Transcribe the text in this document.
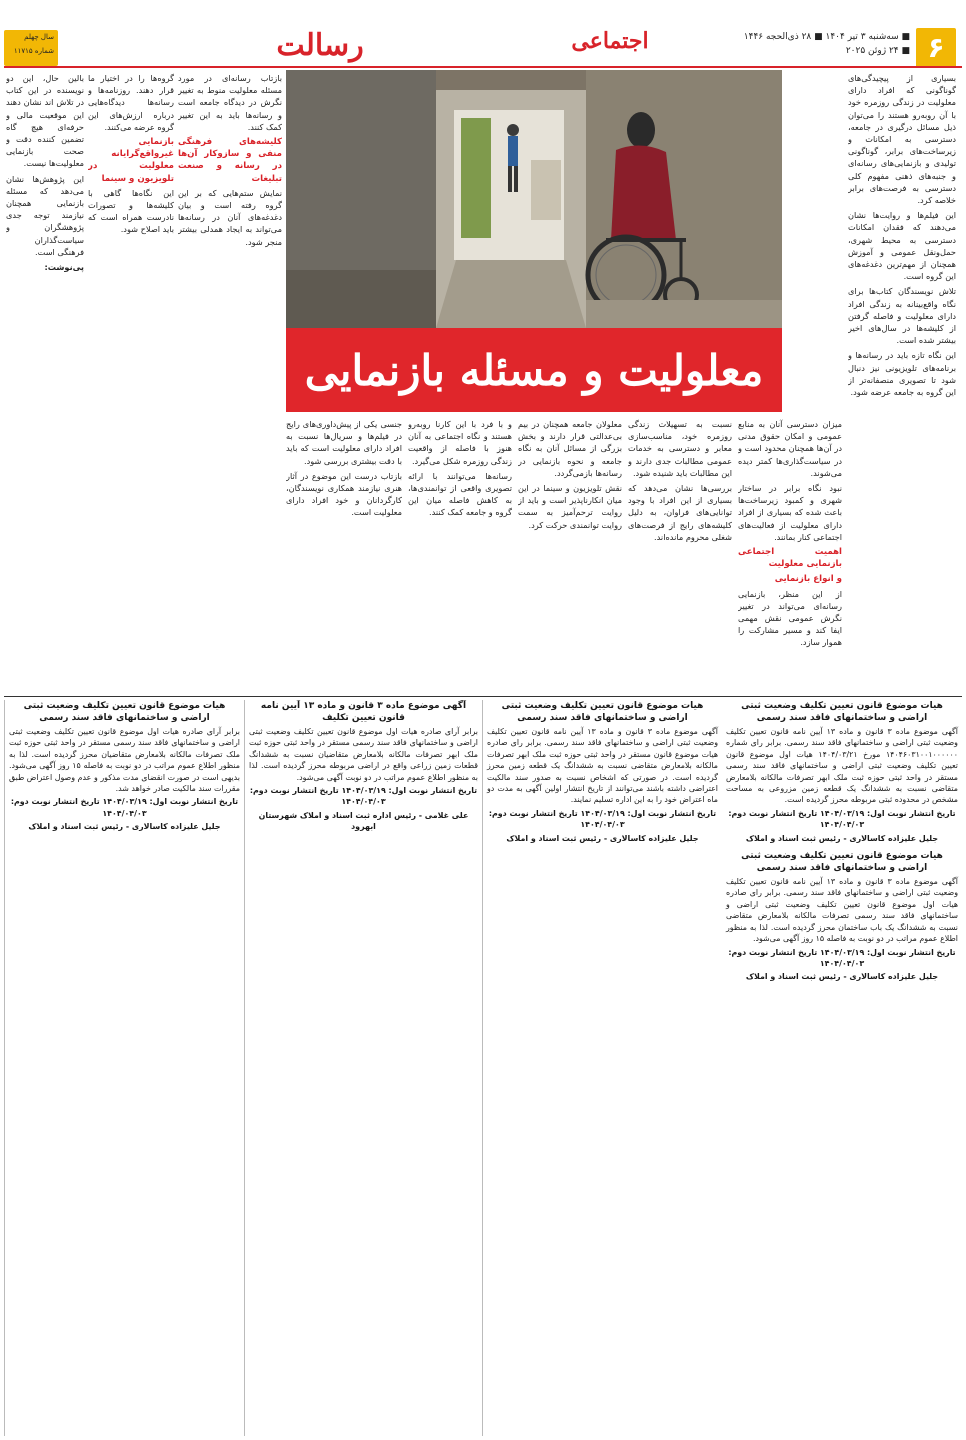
سال چهلم
شماره ۱۱۷۱۵	رسالت	اجتماعی	■ سه‌شنبه ۳ تیر ۱۴۰۴ ■ ۲۸ ذی‌الحجه ۱۴۴۶ ■ ۲۴ ژوئن ۲۰۲۵ ۶

بسیاری از پیچیدگی‌های گوناگونی که افراد دارای معلولیت در زندگی روزمره خود با آن روبه‌رو هستند را می‌توان ذیل مسائل درگیری در جامعه، دسترسی به امکانات و زیرساخت‌های برابر، گوناگونی تولیدی و بازنمایی‌های رسانه‌ای و جنبه‌های ذهنی مفهوم کلی دسترسی به فرصت‌های برابر خلاصه کرد.

این فیلم‌ها و روایت‌ها نشان می‌دهند که فقدان امکانات دسترسی به محیط شهری، حمل‌ونقل عمومی و آموزش همچنان از مهم‌ترین دغدغه‌های این گروه است.

تلاش نویسندگان کتاب‌ها برای نگاه واقع‌بینانه به زندگی افراد دارای معلولیت و فاصله گرفتن از کلیشه‌ها در سال‌های اخیر بیشتر شده است.

این نگاه تازه باید در رسانه‌ها و برنامه‌های تلویزیونی نیز دنبال شود تا تصویری منصفانه‌تر از این گروه به جامعه عرضه شود.

میزان دسترسی آنان به منابع عمومی و امکان حقوق مدنی در آن‌ها همچنان محدود است و در سیاست‌گذاری‌ها کمتر دیده می‌شوند.

نبود نگاه برابر در ساختار شهری و کمبود زیرساخت‌ها باعث شده که بسیاری از افراد دارای معلولیت از فعالیت‌های اجتماعی کنار بمانند.

اهمیت اجتماعی بازنمایی معلولیت
و انواع بازنمایی

از این منظر، بازنمایی رسانه‌ای می‌تواند در تغییر نگرش عمومی نقش مهمی ایفا کند و مسیر مشارکت را هموار سازد.

نسبت به تسهیلات زندگی روزمره خود، مناسب‌سازی معابر و دسترسی به خدمات عمومی مطالبات جدی دارند و این مطالبات باید شنیده شود.

بررسی‌ها نشان می‌دهد که بسیاری از این افراد با وجود توانایی‌های فراوان، به دلیل کلیشه‌های رایج از فرصت‌های شغلی محروم مانده‌اند.

معلولان جامعه همچنان در بیم بی‌عدالتی قرار دارند و بخش بزرگی از مسائل آنان به نگاه جامعه و نحوه بازنمایی در رسانه‌ها بازمی‌گردد.

نقش تلویزیون و سینما در این میان انکارناپذیر است و باید از روایت ترحم‌آمیز به سمت روایت توانمندی حرکت کرد.

و با فرد با این کارنا روبه‌رو هستند و نگاه اجتماعی به آنان هنوز با فاصله از واقعیت زندگی روزمره شکل می‌گیرد.

رسانه‌ها می‌توانند با ارائه تصویری واقعی از توانمندی‌ها، به کاهش فاصله میان این گروه و جامعه کمک کنند.

جنسی یکی از پیش‌داوری‌های رایج در فیلم‌ها و سریال‌ها نسبت به افراد دارای معلولیت است که باید با دقت بیشتری بررسی شود.

بازتاب درست این موضوع در آثار هنری نیازمند همکاری نویسندگان، کارگردانان و خود افراد دارای معلولیت است.

بازتاب رسانه‌ای در مورد مسئله معلولیت منوط به تغییر نگرش در دیدگاه جامعه است و رسانه‌ها باید به این تغییر کمک کنند.

کلیشه‌های فرهنگی منفی و سازوکار آن‌ها در رسانه و صنعت تبلیغات

نمایش ستم‌هایی که بر این گروه رفته است و بیان دغدغه‌های آنان در رسانه‌ها می‌تواند به ایجاد همدلی بیشتر منجر شود.

گروه‌ها را در اختیار ما قرار دهند. روزنامه‌ها و رسانه‌ها دیدگاه‌هایی درباره ارزش‌های این گروه عرضه می‌کنند.

بازنمایی غیرواقع‌گرایانه معلولیت در تلویزیون و سینما

این نگاه‌ها گاهی با کلیشه‌ها و تصورات نادرست همراه است که باید اصلاح شود.

بالین حال، این دو نویسنده در این کتاب در تلاش اند نشان دهند این موقعیت مالی و حرفه‌ای هیچ گاه تضمین کننده دقت و صحت بازنمایی معلولیت‌ها نیست.

این پژوهش‌ها نشان می‌دهد که مسئله بازنمایی همچنان نیازمند توجه جدی پژوهشگران و سیاست‌گذاران فرهنگی است.

پی‌نوشت:

معلولیت و مسئله بازنمایی
هیات موضوع قانون تعیین تکلیف وضعیت ثبتی اراضی و ساختمانهای فاقد سند رسمی
آگهی موضوع ماده ۳ قانون و ماده ۱۳ آیین نامه قانون تعیین تکلیف وضعیت ثبتی اراضی و ساختمانهای فاقد سند رسمی. برابر رای شماره ۱۴۰۴۶۰۳۱۰۰۱۰۰۰۰۰۰ مورخ ۱۴۰۴/۰۳/۲۱ هیات اول موضوع قانون تعیین تکلیف وضعیت ثبتی اراضی و ساختمانهای فاقد سند رسمی مستقر در واحد ثبتی حوزه ثبت ملک ابهر تصرفات مالکانه بلامعارض متقاضی نسبت به ششدانگ یک قطعه زمین مزروعی به مساحت مشخص در محدوده ثبتی مربوطه محرز گردیده است.
تاریخ انتشار نوبت اول: ۱۴۰۴/۰۳/۱۹ تاریخ انتشار نوبت دوم: ۱۴۰۴/۰۴/۰۳
جلیل علیزاده کاسالاری - رئیس ثبت اسناد و املاک
هیات موضوع قانون تعیین تکلیف وضعیت ثبتی اراضی و ساختمانهای فاقد سند رسمی
آگهی موضوع ماده ۳ قانون و ماده ۱۳ آیین نامه قانون تعیین تکلیف وضعیت ثبتی اراضی و ساختمانهای فاقد سند رسمی. برابر رای صادره هیات اول موضوع قانون تعیین تکلیف وضعیت ثبتی اراضی و ساختمانهای فاقد سند رسمی تصرفات مالکانه بلامعارض متقاضی نسبت به ششدانگ یک باب ساختمان محرز گردیده است. لذا به منظور اطلاع عموم مراتب در دو نوبت به فاصله ۱۵ روز آگهی می‌شود.
تاریخ انتشار نوبت اول: ۱۴۰۴/۰۳/۱۹ تاریخ انتشار نوبت دوم: ۱۴۰۴/۰۴/۰۳
جلیل علیزاده کاسالاری - رئیس ثبت اسناد و املاک
هیات موضوع قانون تعیین تکلیف وضعیت ثبتی اراضی و ساختمانهای فاقد سند رسمی
آگهی موضوع ماده ۳ قانون و ماده ۱۳ آیین نامه قانون تعیین تکلیف وضعیت ثبتی اراضی و ساختمانهای فاقد سند رسمی. برابر رای صادره هیات موضوع قانون مستقر در واحد ثبتی حوزه ثبت ملک ابهر تصرفات مالکانه بلامعارض متقاضی نسبت به ششدانگ یک قطعه زمین محرز گردیده است. در صورتی که اشخاص نسبت به صدور سند مالکیت اعتراضی داشته باشند می‌توانند از تاریخ انتشار اولین آگهی به مدت دو ماه اعتراض خود را به این اداره تسلیم نمایند.
تاریخ انتشار نوبت اول: ۱۴۰۴/۰۳/۱۹ تاریخ انتشار نوبت دوم: ۱۴۰۴/۰۴/۰۳
جلیل علیزاده کاسالاری - رئیس ثبت اسناد و املاک
آگهی موضوع ماده ۳ قانون و ماده ۱۳ آیین نامه قانون تعیین تکلیف
برابر آرای صادره هیات اول موضوع قانون تعیین تکلیف وضعیت ثبتی اراضی و ساختمانهای فاقد سند رسمی مستقر در واحد ثبتی حوزه ثبت ملک ابهر تصرفات مالکانه بلامعارض متقاضیان نسبت به ششدانگ قطعات زمین زراعی واقع در اراضی مربوطه محرز گردیده است. لذا به منظور اطلاع عموم مراتب در دو نوبت آگهی می‌شود.
تاریخ انتشار نوبت اول: ۱۴۰۴/۰۳/۱۹ تاریخ انتشار نوبت دوم: ۱۴۰۴/۰۴/۰۳
علی غلامی - رئیس اداره ثبت اسناد و املاک شهرستان ابهرود
هیات موضوع قانون تعیین تکلیف وضعیت ثبتی اراضی و ساختمانهای فاقد سند رسمی
برابر آرای صادره هیات اول موضوع قانون تعیین تکلیف وضعیت ثبتی اراضی و ساختمانهای فاقد سند رسمی مستقر در واحد ثبتی حوزه ثبت ملک تصرفات مالکانه بلامعارض متقاضیان محرز گردیده است. لذا به منظور اطلاع عموم مراتب در دو نوبت به فاصله ۱۵ روز آگهی می‌شود. بدیهی است در صورت انقضای مدت مذکور و عدم وصول اعتراض طبق مقررات سند مالکیت صادر خواهد شد.
تاریخ انتشار نوبت اول: ۱۴۰۴/۰۳/۱۹ تاریخ انتشار نوبت دوم: ۱۴۰۴/۰۴/۰۳
جلیل علیزاده کاسالاری - رئیس ثبت اسناد و املاک
